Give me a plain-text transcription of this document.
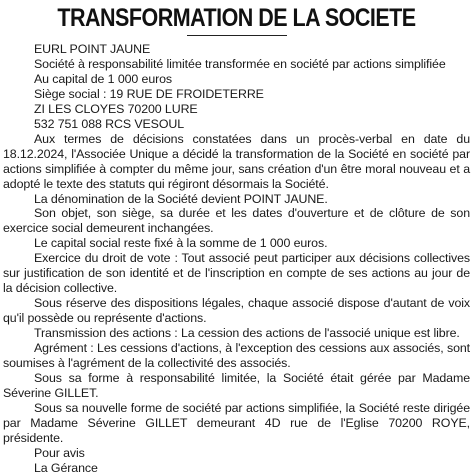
TRANSFORMATION DE LA SOCIETE

EURL POINT JAUNE

Société à responsabilité limitée transformée en société par actions simplifiée

Au capital de 1 000 euros

Siège social : 19 RUE DE FROIDETERRE

ZI LES CLOYES 70200 LURE

532 751 088 RCS VESOUL

Aux termes de décisions constatées dans un procès-verbal en date du 18.12.2024, l'Associée Unique a décidé la transformation de la Société en société par actions simplifiée à compter du même jour, sans création d'un être moral nouveau et a adopté le texte des statuts qui régiront désormais la Société.

La dénomination de la Société devient POINT JAUNE.

Son objet, son siège, sa durée et les dates d'ouverture et de clôture de son exercice social demeurent inchangées.

Le capital social reste fixé à la somme de 1 000 euros.

Exercice du droit de vote : Tout associé peut participer aux décisions collectives sur justification de son identité et de l'inscription en compte de ses actions au jour de la décision collective.

Sous réserve des dispositions légales, chaque associé dispose d'autant de voix qu'il possède ou représente d'actions.

Transmission des actions : La cession des actions de l'associé unique est libre.

Agrément : Les cessions d'actions, à l'exception des cessions aux associés, sont soumises à l'agrément de la collectivité des associés.

Sous sa forme à responsabilité limitée, la Société était gérée par Madame Séverine GILLET.

Sous sa nouvelle forme de société par actions simplifiée, la Société reste dirigée par Madame Séverine GILLET demeurant 4D rue de l'Eglise 70200 ROYE, présidente.

Pour avis

La Gérance
